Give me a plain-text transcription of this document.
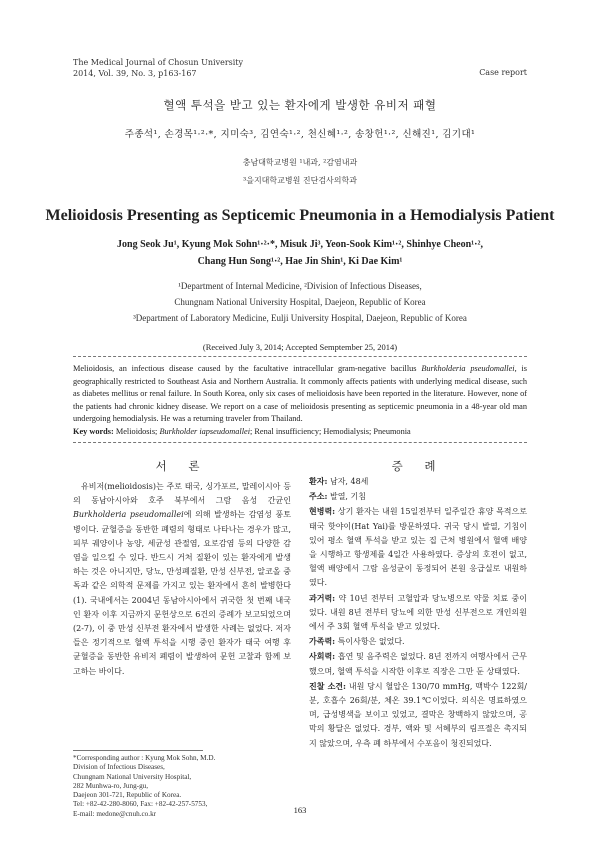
The Medical Journal of Chosun University
2014, Vol. 39, No. 3, p163-167	Case report
혈액 투석을 받고 있는 환자에게 발생한 유비저 패혈
주종석¹, 손경목¹·²·*, 지미숙³, 김연숙¹·², 천신혜¹·², 송창헌¹·², 신해진¹, 김기대¹
충남대학교병원 ¹내과, ²감염내과
³을지대학교병원 진단검사의학과
Melioidosis Presenting as Septicemic Pneumonia in a Hemodialysis Patient
Jong Seok Ju¹, Kyung Mok Sohn¹·²·*, Misuk Ji³, Yeon-Sook Kim¹·², Shinhye Cheon¹·²,
Chang Hun Song¹·², Hae Jin Shin¹, Ki Dae Kim¹
¹Department of Internal Medicine, ²Division of Infectious Diseases,
Chungnam National University Hospital, Daejeon, Republic of Korea
³Department of Laboratory Medicine, Eulji University Hospital, Daejeon, Republic of Korea
(Received July 3, 2014; Accepted Semptember 25, 2014)
Melioidosis, an infectious disease caused by the facultative intracellular gram-negative bacillus Burkholderia pseudomallei, is geographically restricted to Southeast Asia and Northern Australia. It commonly affects patients with underlying medical disease, such as diabetes mellitus or renal failure. In South Korea, only six cases of melioidosis have been reported in the literature. However, none of the patients had chronic kidney disease. We report on a case of melioidosis presenting as septicemic pneumonia in a 48-year old man undergoing hemodialysis. He was a returning traveler from Thailand.
Key words: Melioidosis; Burkholder iapseudomallei; Renal insufficiency; Hemodialysis; Pneumonia
서 론

유비저(melioidosis)는 주로 태국, 싱가포르, 말레이시아 등의 동남아시아와 호주 북부에서 그람 음성 간균인 Burkholderia pseudomallei에 의해 발생하는 감염성 풍토병이다. 균혈증을 동반한 폐렴의 형태로 나타나는 경우가 많고, 피부 궤양이나 농양, 세균성 관절염, 요로감염 등의 다양한 감염을 일으킬 수 있다. 반드시 거처 질환이 있는 환자에게 발생하는 것은 아니지만, 당뇨, 만성폐질환, 만성 신부전, 알코올 중독과 같은 의학적 문제를 가지고 있는 환자에서 흔히 발병한다(1). 국내에서는 2004년 동남아시아에서 귀국한 첫 번째 내국인 환자 이후 지금까지 문헌상으로 6건의 증례가 보고되었으며(2-7), 이 중 만성 신부전 환자에서 발생한 사례는 없었다. 저자들은 정기적으로 혈액 투석을 시행 중인 환자가 태국 여행 후 균혈증을 동반한 유비저 폐렴이 발생하여 문헌 고찰과 함께 보고하는 바이다.

*Corresponding author : Kyung Mok Sohn, M.D.
Division of Infectious Diseases,
Chungnam National University Hospital,
282 Munhwa-ro, Jung-gu,
Daejeon 301-721, Republic of Korea.
Tel: +82-42-280-8060, Fax: +82-42-257-5753,
E-mail: medone@cnuh.co.kr
증 례

환자: 남자, 48세

주소: 발열, 기침

현병력: 상기 환자는 내원 15일전부터 일주일간 휴양 목적으로 태국 핫야이(Hat Yai)를 방문하였다. 귀국 당시 발열, 기침이 있어 평소 혈액 투석을 받고 있는 집 근처 병원에서 혈액 배양을 시행하고 항생제를 4일간 사용하였다. 증상의 호전이 없고, 혈액 배양에서 그람 음성균이 동정되어 본원 응급실로 내원하였다.

과거력: 약 10년 전부터 고혈압과 당뇨병으로 약물 치료 중이었다. 내원 8년 전부터 당뇨에 의한 만성 신부전으로 개인의원에서 주 3회 혈액 투석을 받고 있었다.

가족력: 특이사항은 없었다.

사회력: 흡연 및 음주력은 없었다. 8년 전까지 여행사에서 근무했으며, 혈액 투석을 시작한 이후로 직장은 그만 둔 상태였다.

진찰 소견: 내원 당시 혈압은 130/70 mmHg, 맥박수 122회/분, 호흡수 26회/분, 체온 39.1℃이었다. 의식은 명료하였으며, 급성병색을 보이고 있었고, 결막은 창백하지 않았으며, 공막의 황달은 없었다. 경부, 액와 및 서혜부의 림프절은 촉지되지 않았으며, 우측 폐 하부에서 수포음이 청진되었다.

163
